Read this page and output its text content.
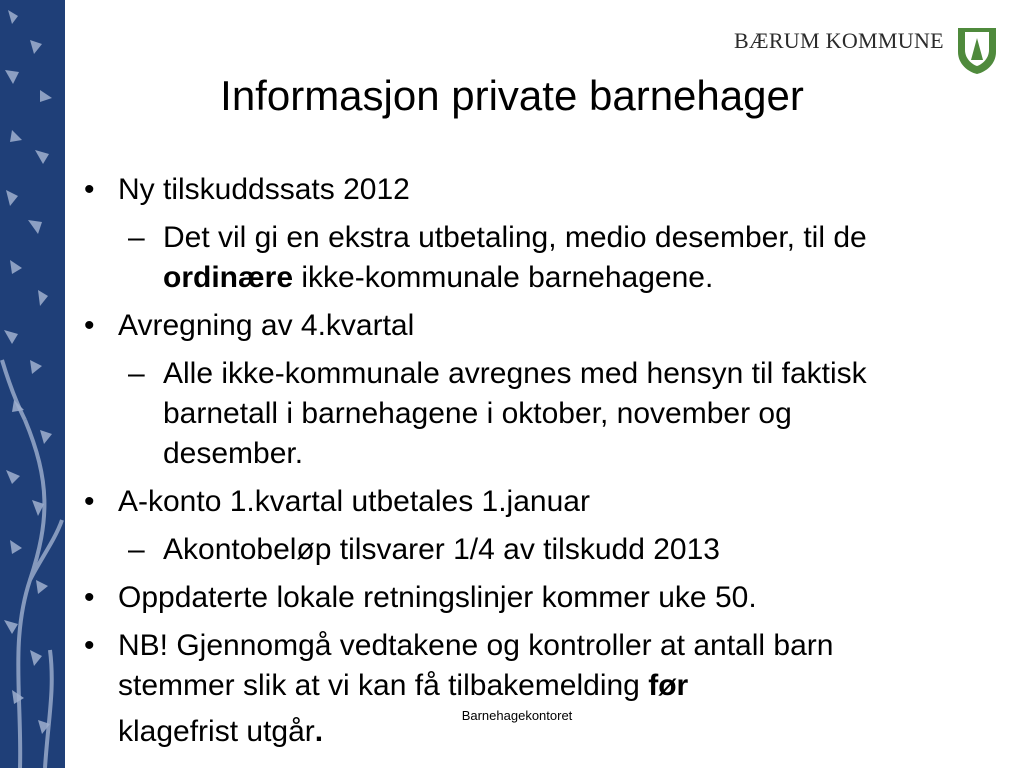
BÆRUM KOMMUNE
Informasjon private barnehager
• Ny tilskuddssats 2012
– Det vil gi en ekstra utbetaling, medio desember, til de ordinære ikke-kommunale barnehagene.
• Avregning av 4.kvartal
– Alle ikke-kommunale avregnes med hensyn til faktisk barnetall i barnehagene i oktober, november og desember.
• A-konto 1.kvartal utbetales 1.januar
– Akontobeløp tilsvarer 1/4 av tilskudd 2013
• Oppdaterte lokale retningslinjer kommer uke 50.
• NB! Gjennomgå vedtakene og kontroller at antall barn stemmer slik at vi kan få tilbakemelding før
klagefrist utgår.	Barnehagekontoret
